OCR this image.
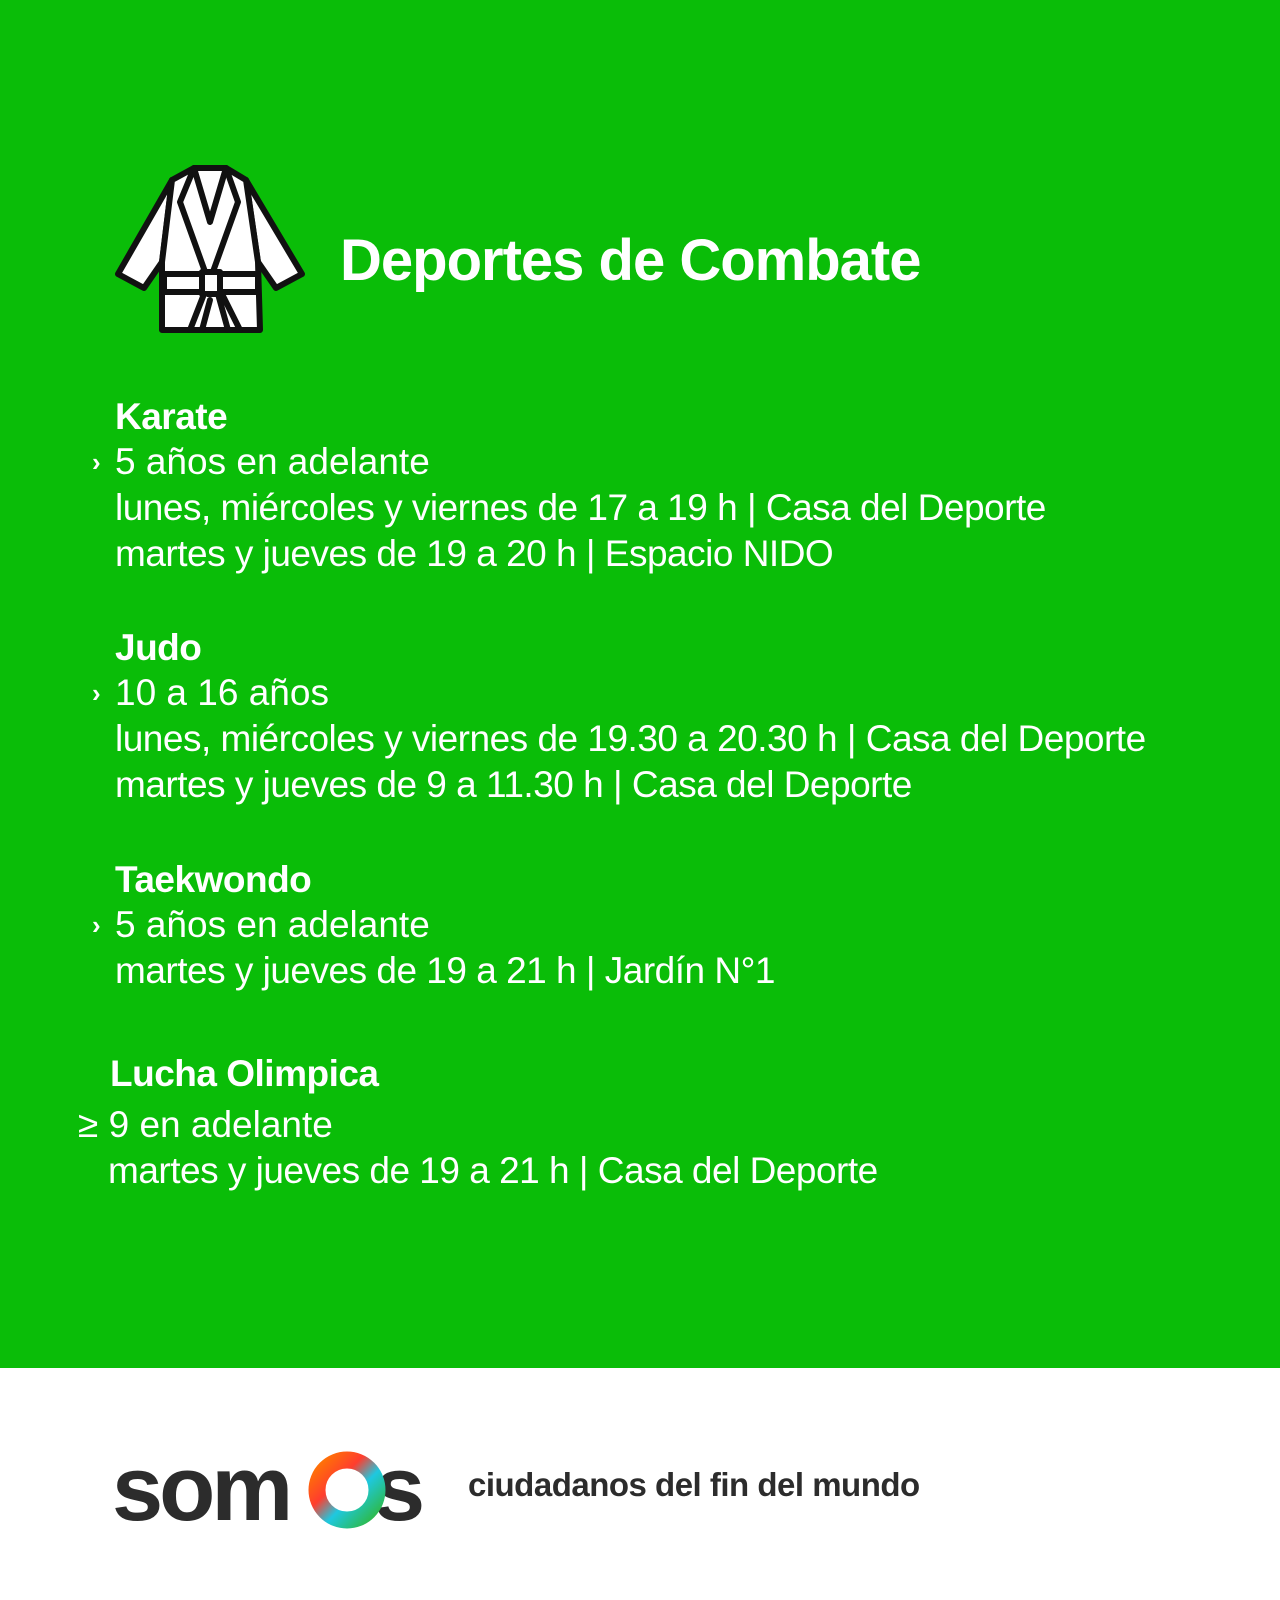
Deportes de Combate
Karate
› 5 años en adelante
lunes, miércoles y viernes de 17 a 19 h | Casa del Deporte
martes y jueves de 19 a 20 h | Espacio NIDO
Judo
› 10 a 16 años
lunes, miércoles y viernes de 19.30 a 20.30 h | Casa del Deporte
martes y jueves de 9 a 11.30 h | Casa del Deporte
Taekwondo
› 5 años en adelante
martes y jueves de 19 a 21 h | Jardín N°1
Lucha Olimpica
≥ 9 en adelante
martes y jueves de 19 a 21 h | Casa del Deporte
som s ciudadanos del fin del mundo
